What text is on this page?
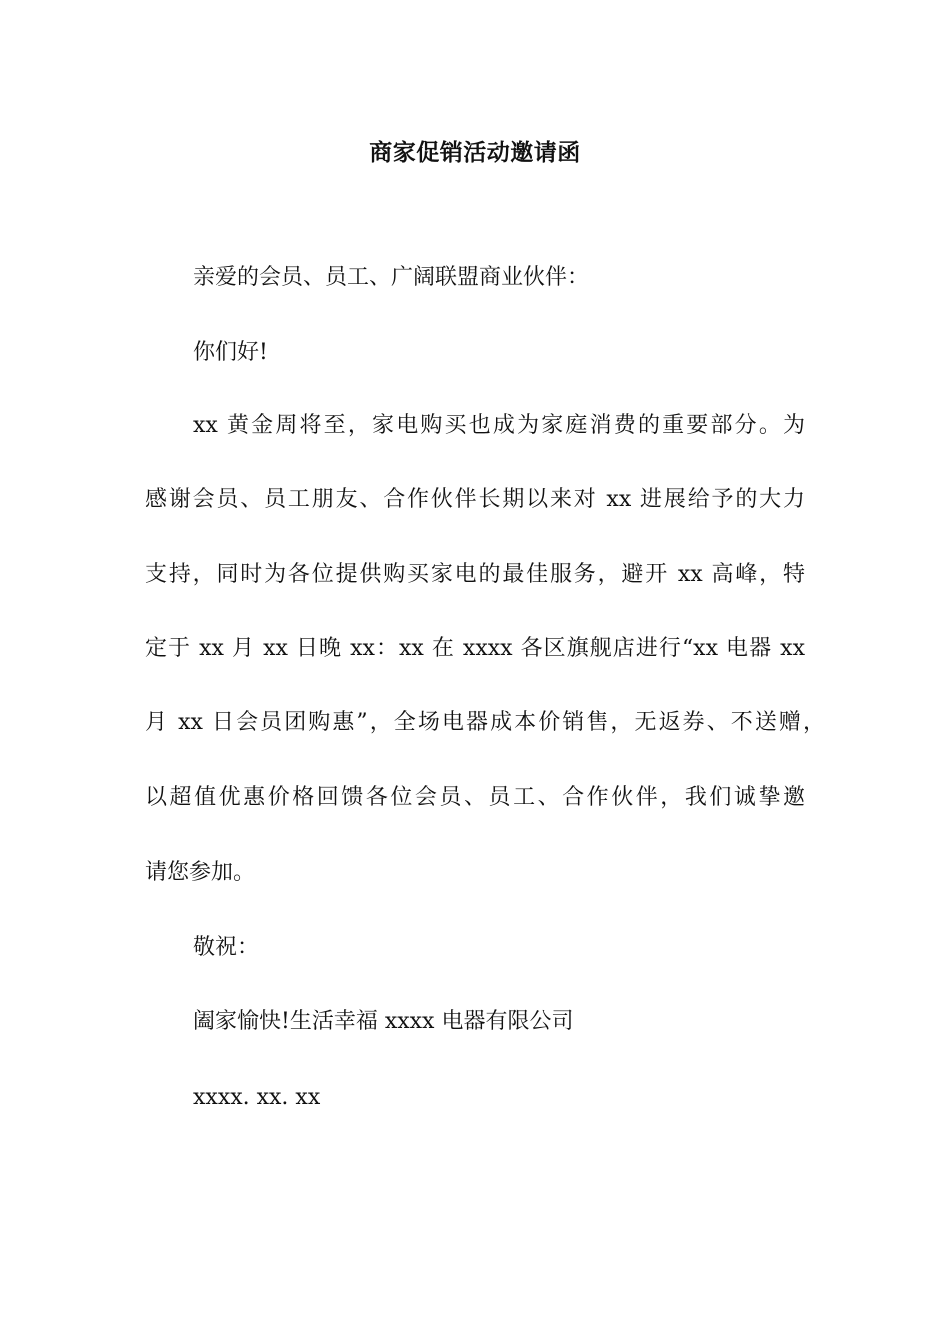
商家促销活动邀请函

亲爱的会员、员工、广阔联盟商业伙伴：

你们好!

xx 黄金周将至，家电购买也成为家庭消费的重要部分。为

感谢会员、员工朋友、合作伙伴长期以来对 xx 进展给予的大力

支持，同时为各位提供购买家电的最佳服务，避开 xx 高峰，特

定于 xx 月 xx 日晚 xx：xx 在 xxxx 各区旗舰店进行“xx 电器 xx

月 xx 日会员团购惠”，全场电器成本价销售，无返券、不送赠，

以超值优惠价格回馈各位会员、员工、合作伙伴，我们诚挚邀

请您参加。

敬祝：

阖家愉快!生活幸福 xxxx 电器有限公司

xxxx. xx. xx
